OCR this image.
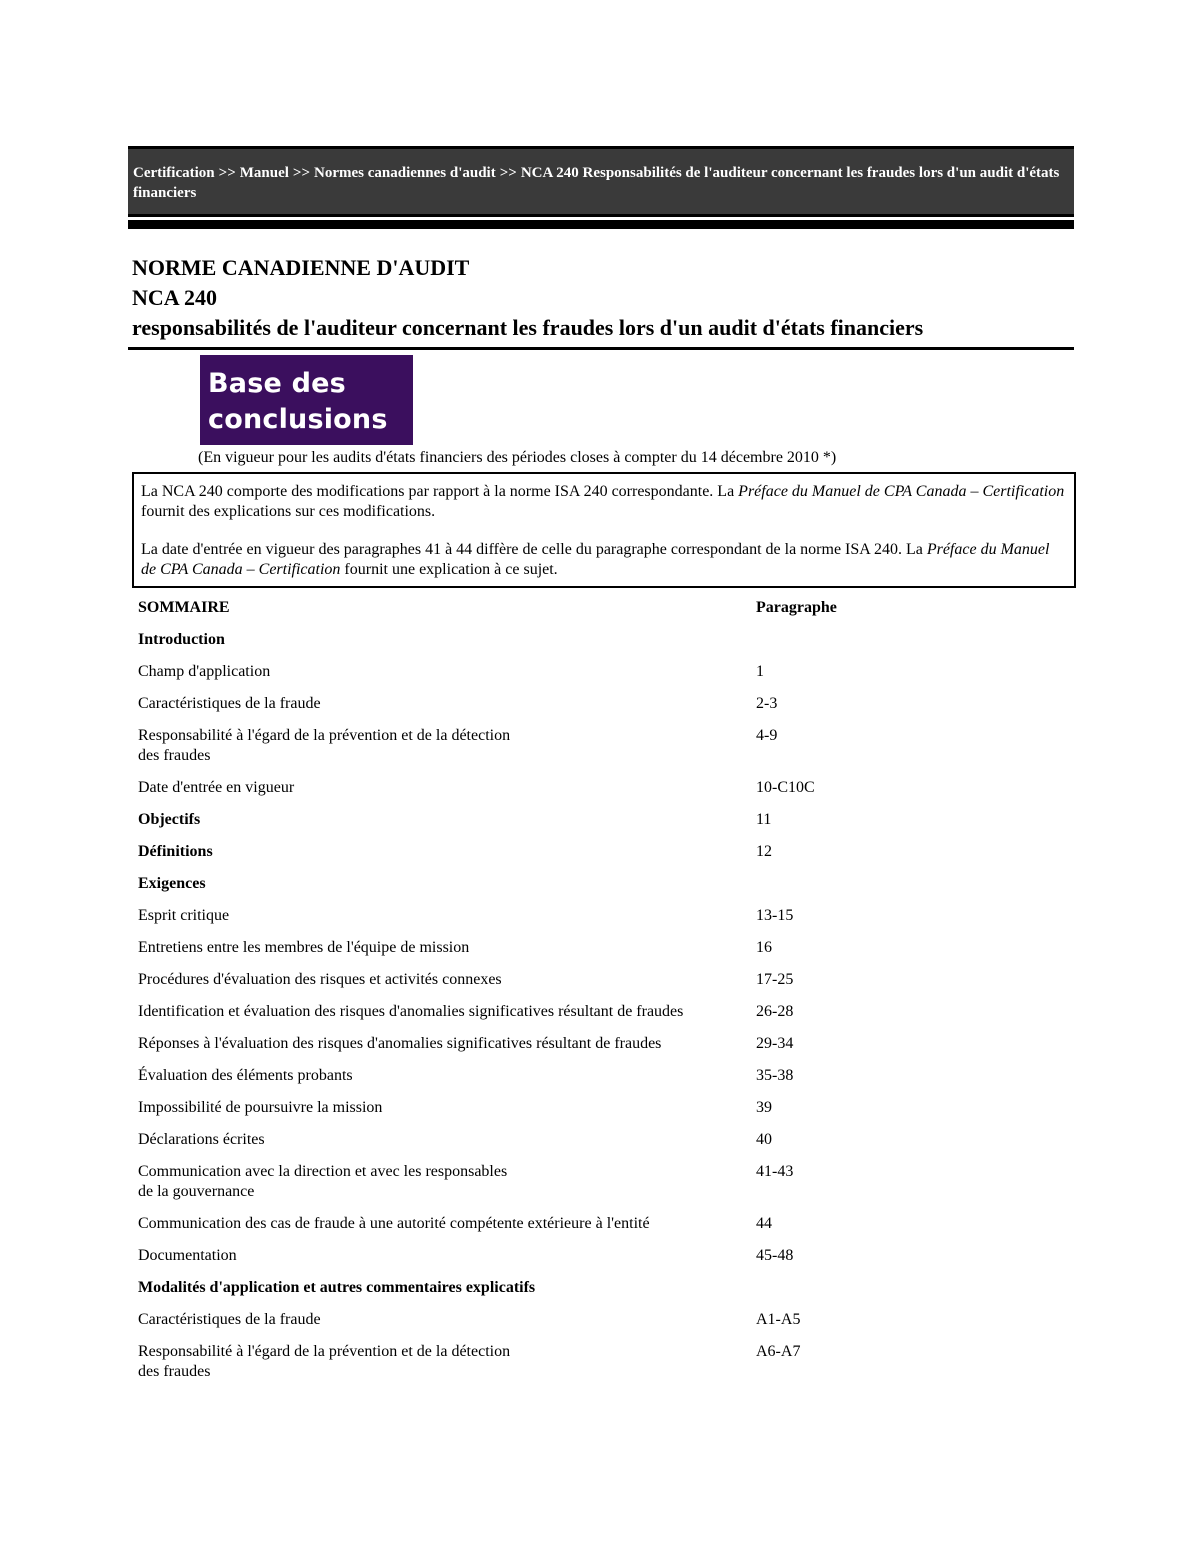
Certification >> Manuel >> Normes canadiennes d'audit >> NCA 240 Responsabilités de l'auditeur concernant les fraudes lors d'un audit d'états financiers
NORME CANADIENNE D'AUDIT
NCA 240
responsabilités de l'auditeur concernant les fraudes lors d'un audit d'états financiers
Base des
conclusions
(En vigueur pour les audits d'états financiers des périodes closes à compter du 14 décembre 2010 *)

La NCA 240 comporte des modifications par rapport à la norme ISA 240 correspondante. La Préface du Manuel de CPA Canada – Certification fournit des explications sur ces modifications.

La date d'entrée en vigueur des paragraphes 41 à 44 diffère de celle du paragraphe correspondant de la norme ISA 240. La Préface du Manuel de CPA Canada – Certification fournit une explication à ce sujet.

SOMMAIRE	Paragraphe
Introduction	
Champ d'application	1
Caractéristiques de la fraude	2-3
Responsabilité à l'égard de la prévention et de la détection
des fraudes	4-9
Date d'entrée en vigueur	10-C10C
Objectifs	11
Définitions	12
Exigences	
Esprit critique	13-15
Entretiens entre les membres de l'équipe de mission	16
Procédures d'évaluation des risques et activités connexes	17-25
Identification et évaluation des risques d'anomalies significatives résultant de fraudes	26-28
Réponses à l'évaluation des risques d'anomalies significatives résultant de fraudes	29-34
Évaluation des éléments probants	35-38
Impossibilité de poursuivre la mission	39
Déclarations écrites	40
Communication avec la direction et avec les responsables
de la gouvernance	41-43
Communication des cas de fraude à une autorité compétente extérieure à l'entité	44
Documentation	45-48
Modalités d'application et autres commentaires explicatifs	
Caractéristiques de la fraude	A1-A5
Responsabilité à l'égard de la prévention et de la détection
des fraudes	A6-A7
